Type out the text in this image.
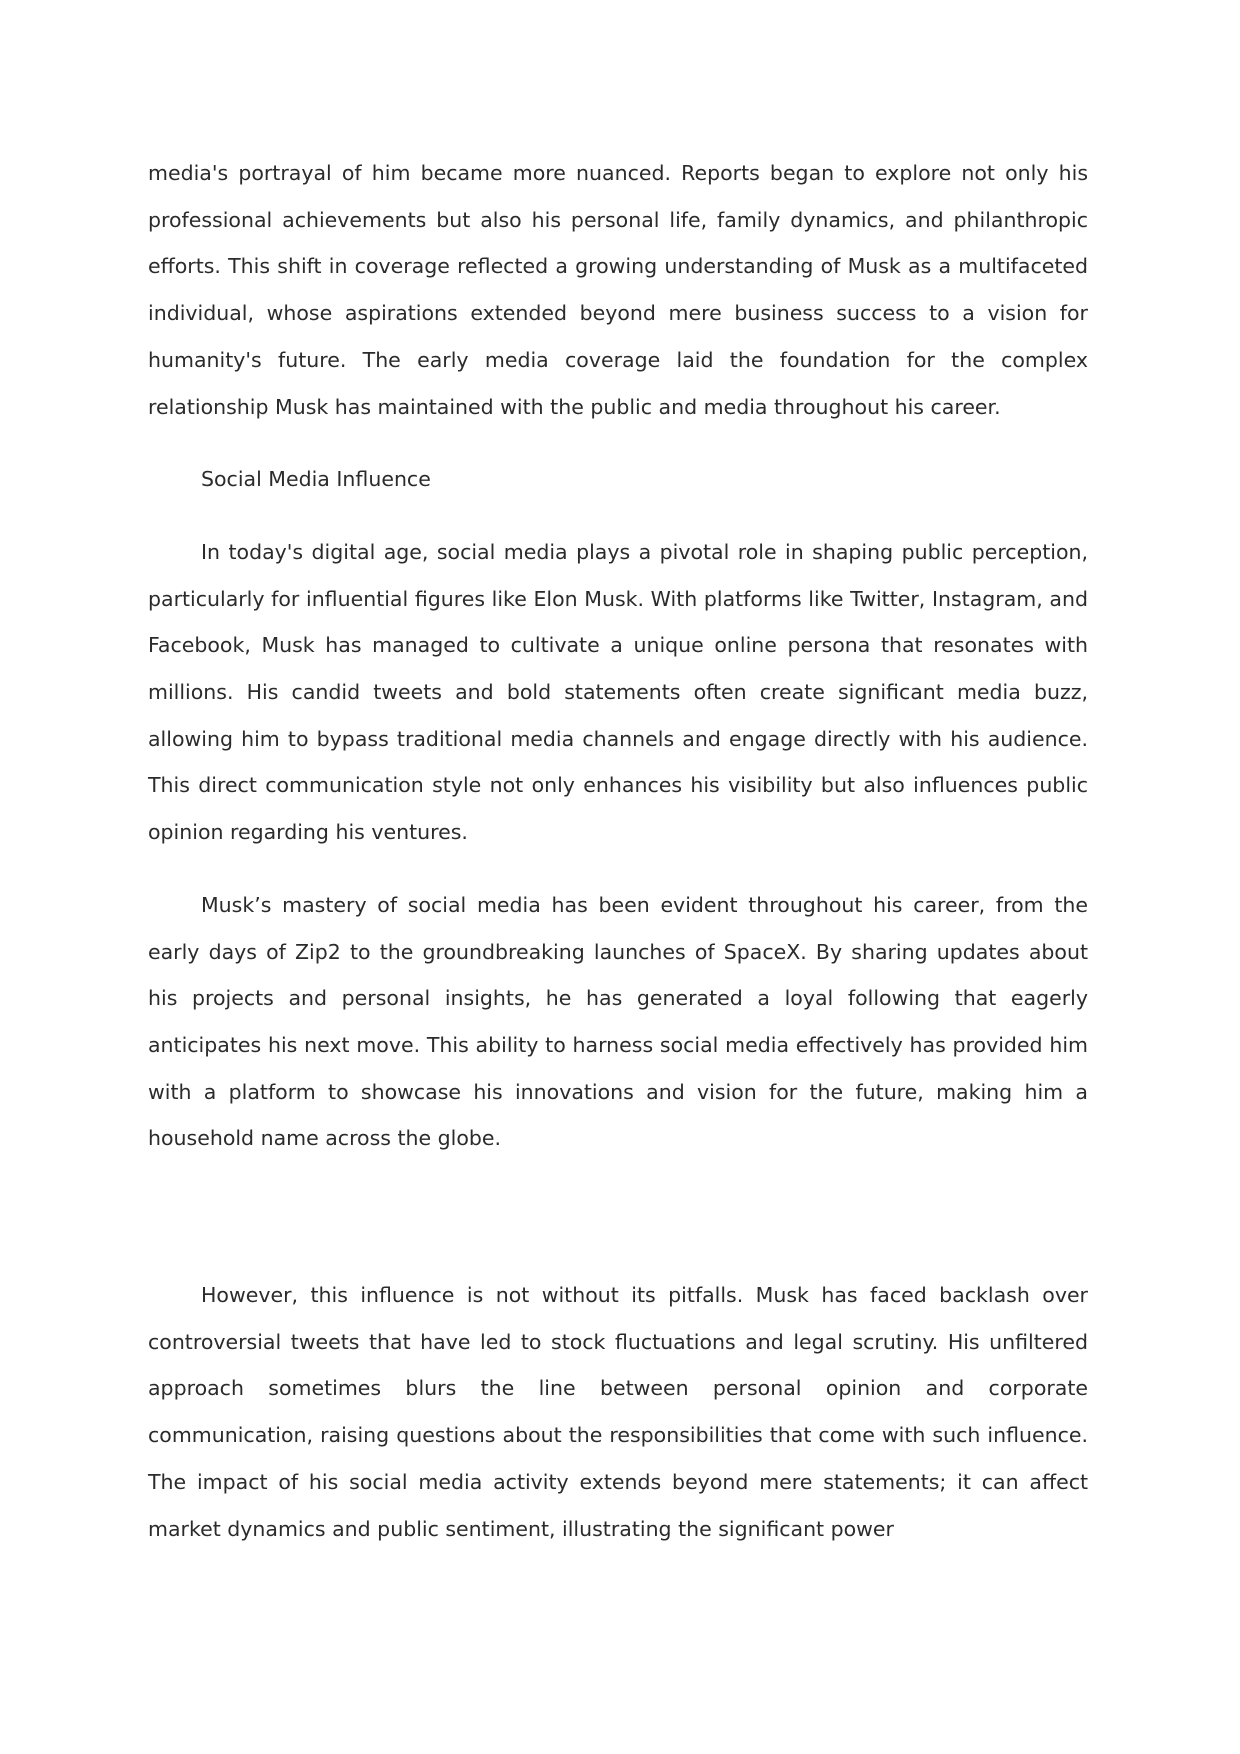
media's portrayal of him became more nuanced. Reports began to explore not only his professional achievements but also his personal life, family dynamics, and philanthropic efforts. This shift in coverage reflected a growing understanding of Musk as a multifaceted individual, whose aspirations extended beyond mere business success to a vision for humanity's future. The early media coverage laid the foundation for the complex relationship Musk has maintained with the public and media throughout his career.

Social Media Influence

In today's digital age, social media plays a pivotal role in shaping public perception, particularly for influential figures like Elon Musk. With platforms like Twitter, Instagram, and Facebook, Musk has managed to cultivate a unique online persona that resonates with millions. His candid tweets and bold statements often create significant media buzz, allowing him to bypass traditional media channels and engage directly with his audience. This direct communication style not only enhances his visibility but also influences public opinion regarding his ventures.

Musk’s mastery of social media has been evident throughout his career, from the early days of Zip2 to the groundbreaking launches of SpaceX. By sharing updates about his projects and personal insights, he has generated a loyal following that eagerly anticipates his next move. This ability to harness social media effectively has provided him with a platform to showcase his innovations and vision for the future, making him a household name across the globe.

However, this influence is not without its pitfalls. Musk has faced backlash over controversial tweets that have led to stock fluctuations and legal scrutiny. His unfiltered approach sometimes blurs the line between personal opinion and corporate communication, raising questions about the responsibilities that come with such influence. The impact of his social media activity extends beyond mere statements; it can affect market dynamics and public sentiment, illustrating the significant power
